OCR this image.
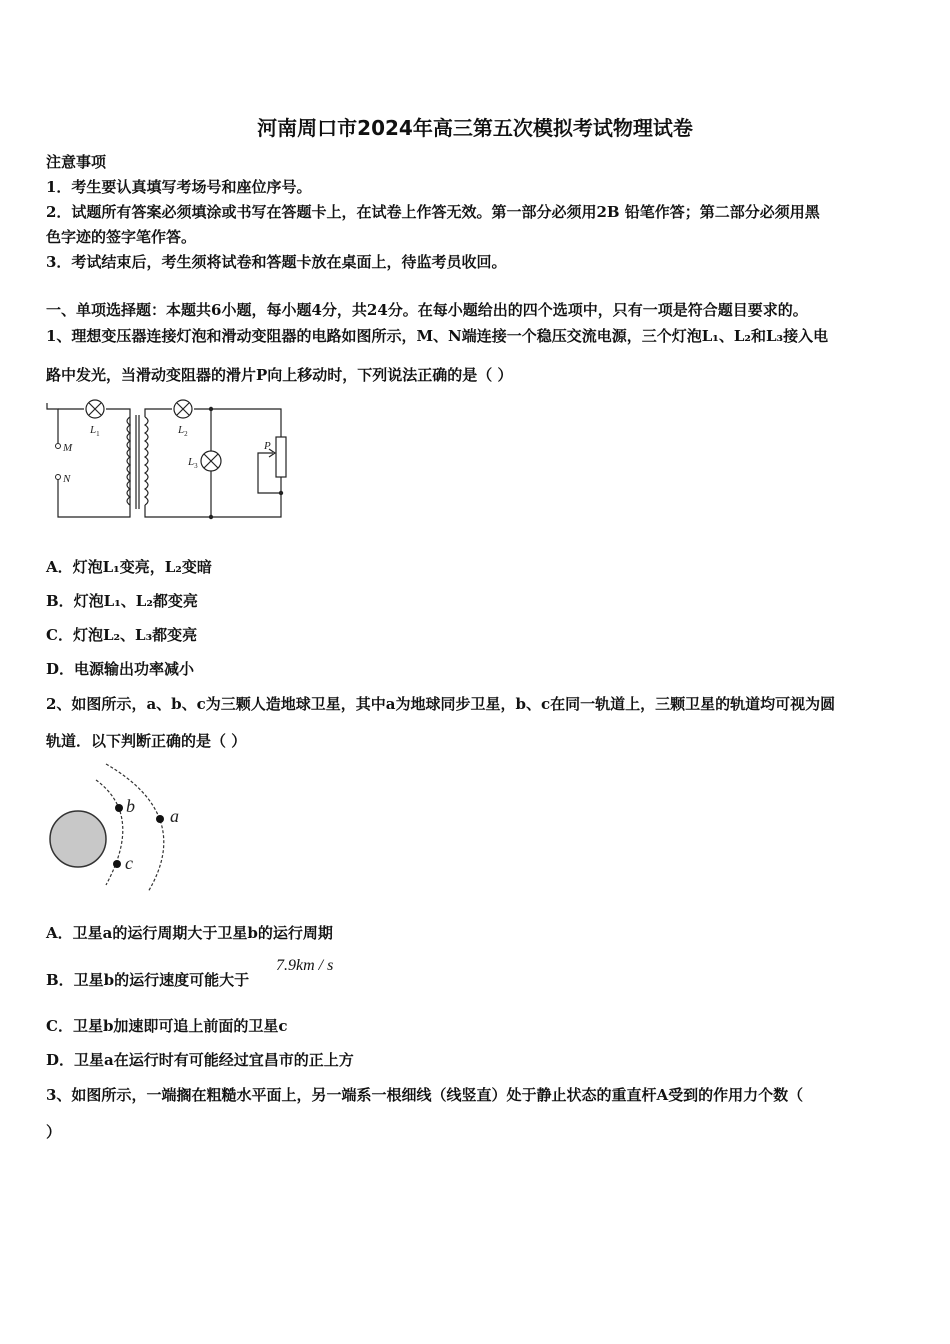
河南周口市2024年高三第五次模拟考试物理试卷
注意事项
1．考生要认真填写考场号和座位序号。
2．试题所有答案必须填涂或书写在答题卡上，在试卷上作答无效。第一部分必须用2B 铅笔作答；第二部分必须用黑
色字迹的签字笔作答。
3．考试结束后，考生须将试卷和答题卡放在桌面上，待监考员收回。
一、单项选择题：本题共6小题，每小题4分，共24分。在每小题给出的四个选项中，只有一项是符合题目要求的。
1、理想变压器连接灯泡和滑动变阻器的电路如图所示，M、N端连接一个稳压交流电源，三个灯泡L₁、L₂和L₃接入电
路中发光，当滑动变阻器的滑片P向上移动时，下列说法正确的是（ ）
$L_1$	$L_2$
$L_3$
M
N
P
A．灯泡L₁变亮，L₂变暗
B．灯泡L₁、L₂都变亮
C．灯泡L₂、L₃都变亮
D．电源输出功率减小
2、如图所示，a、b、c为三颗人造地球卫星，其中a为地球同步卫星，b、c在同一轨道上，三颗卫星的轨道均可视为圆
轨道．以下判断正确的是（ ）
b
c
a
A．卫星a的运行周期大于卫星b的运行周期
B．卫星b的运行速度可能大于
7.9km / s
C．卫星b加速即可追上前面的卫星c
D．卫星a在运行时有可能经过宜昌市的正上方
3、如图所示，一端搁在粗糙水平面上，另一端系一根细线（线竖直）处于静止状态的重直杆A受到的作用力个数（
）
